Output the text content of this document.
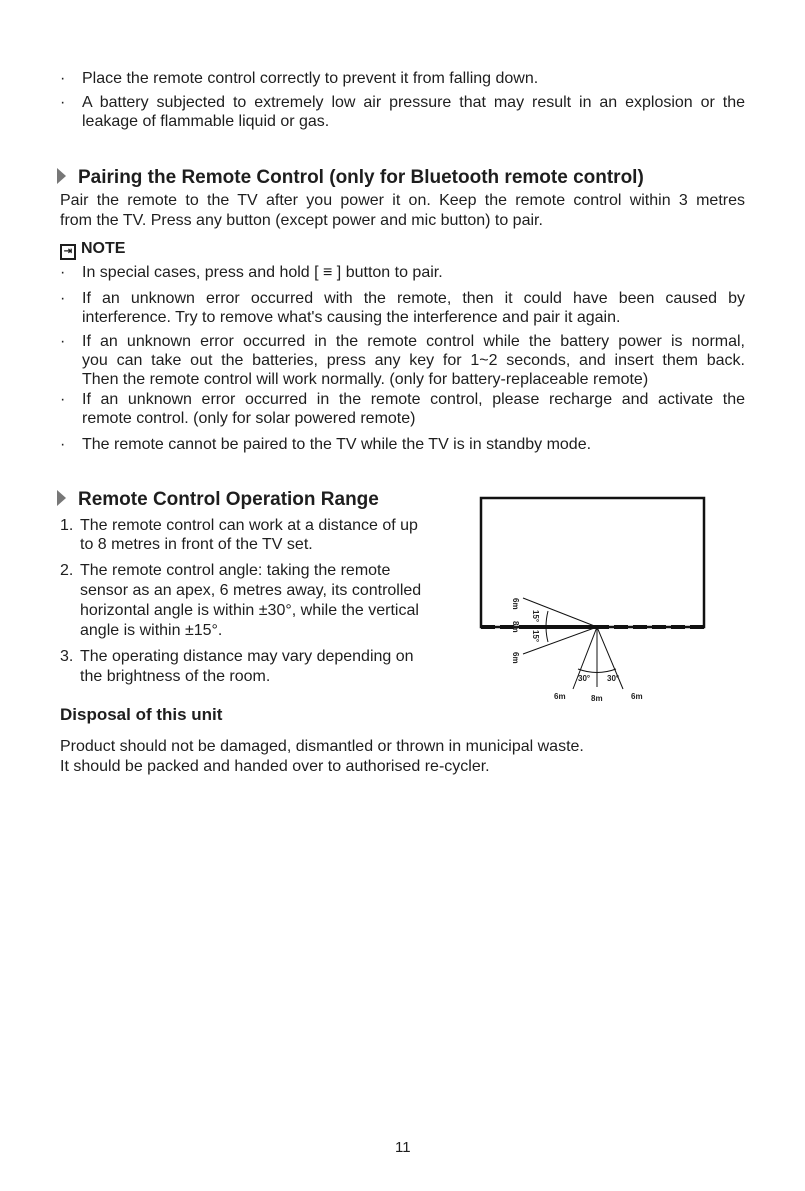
· Place the remote control correctly to prevent it from falling down.
· A battery subjected to extremely low air pressure that may result in an explosion or the
leakage of flammable liquid or gas.
Pairing the Remote Control (only for Bluetooth remote control)
Pair the remote to the TV after you power it on. Keep the remote control within 3 metres
from the TV. Press any button (except power and mic button) to pair.
⇥ NOTE
· In special cases, press and hold [ ≡ ] button to pair.
· If an unknown error occurred with the remote, then it could have been caused by
interference. Try to remove what's causing the interference and pair it again.
· If an unknown error occurred in the remote control while the battery power is normal,
you can take out the batteries, press any key for 1~2 seconds, and insert them back.
Then the remote control will work normally. (only for battery-replaceable remote)
· If an unknown error occurred in the remote control, please recharge and activate the
remote control. (only for solar powered remote)
· The remote cannot be paired to the TV while the TV is in standby mode.
Remote Control Operation Range
1. The remote control can work at a distance of up
to 8 metres in front of the TV set.
2. The remote control angle: taking the remote
sensor as an apex, 6 metres away, its controlled
horizontal angle is within ±30°, while the vertical
angle is within ±15°.
3. The operating distance may vary depending on
the brightness of the room.
6m
8m
6m
15°
15°
30° 30°
6m	8m	6m
Disposal of this unit
Product should not be damaged, dismantled or thrown in municipal waste.
It should be packed and handed over to authorised re-cycler.
11
